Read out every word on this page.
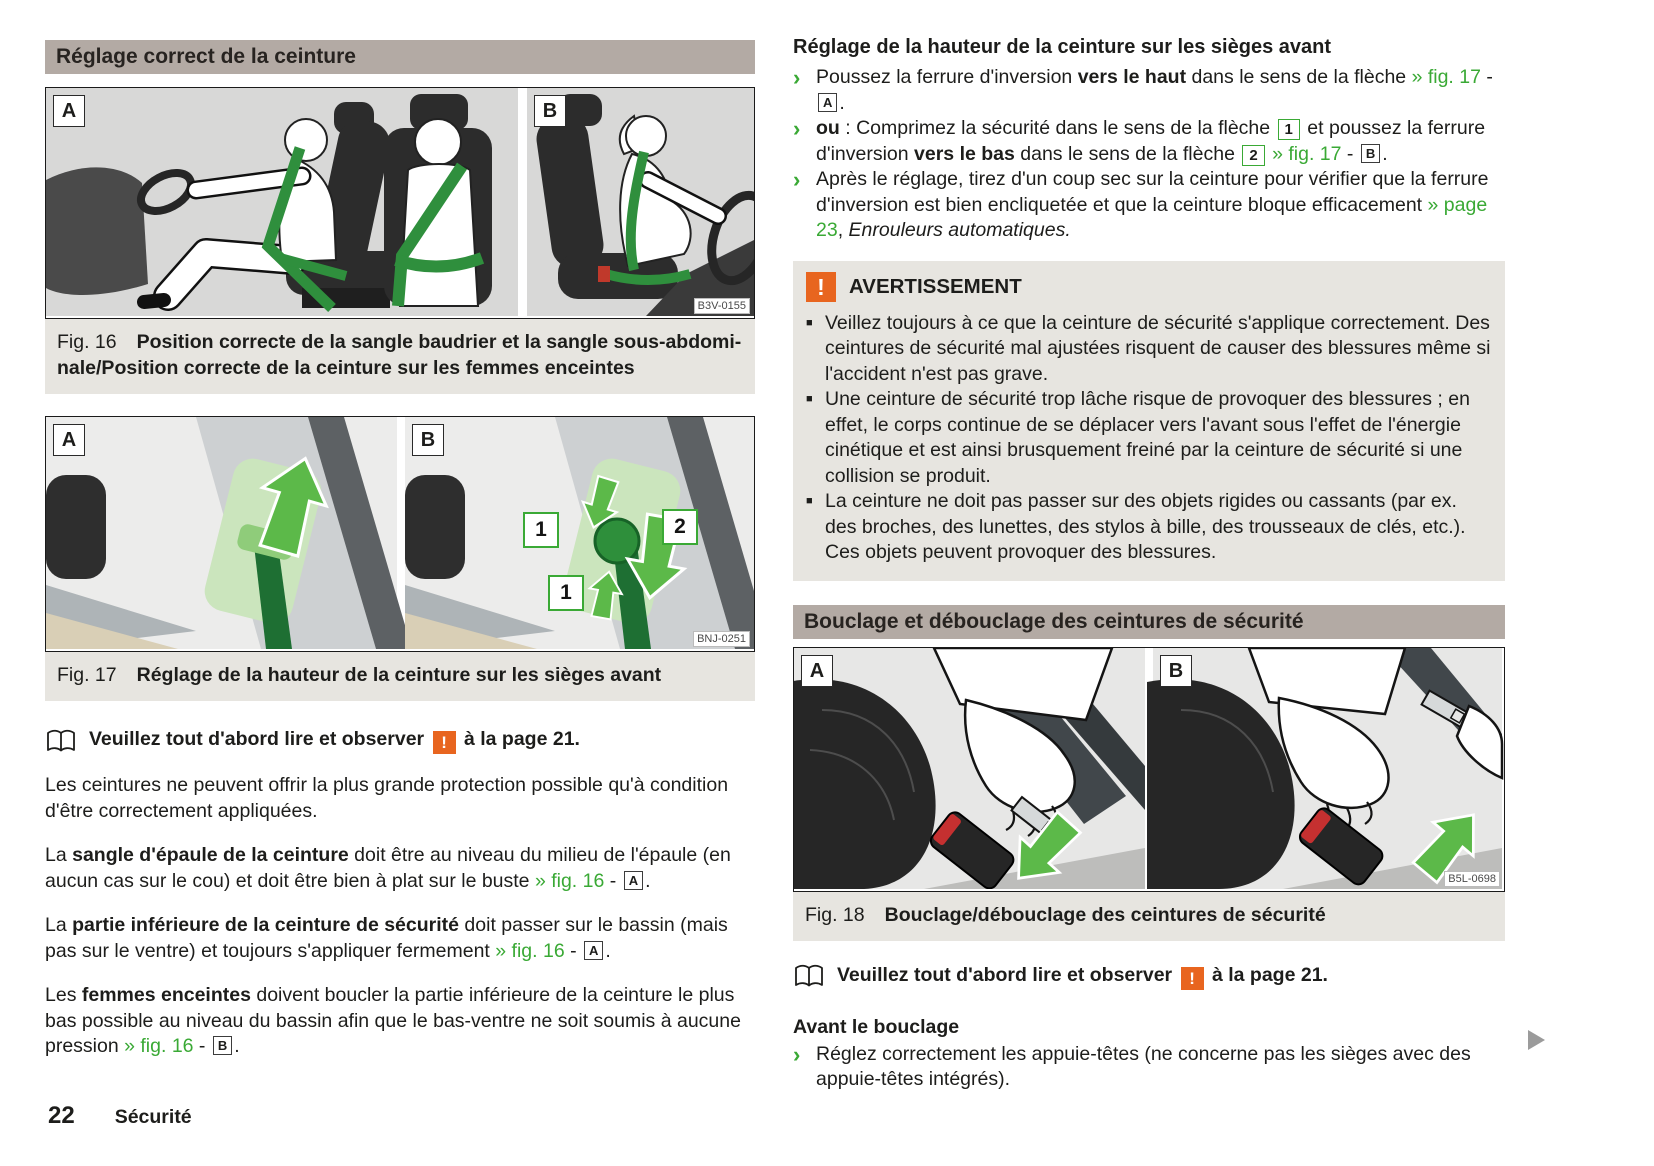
Réglage correct de la ceinture
A	B
B3V-0155
Fig. 16 Position correcte de la sangle baudrier et la sangle sous-abdominale/Position correcte de la ceinture sur les femmes enceintes
A	B
1	2
1
BNJ-0251
Fig. 17 Réglage de la hauteur de la ceinture sur les sièges avant
Veuillez tout d'abord lire et observer ! à la page 21.

Les ceintures ne peuvent offrir la plus grande protection possible qu'à condition d'être correctement appliquées.

La sangle d'épaule de la ceinture doit être au niveau du milieu de l'épaule (en aucun cas sur le cou) et doit être bien à plat sur le buste » fig. 16 - A .

La partie inférieure de la ceinture de sécurité doit passer sur le bassin (mais pas sur le ventre) et toujours s'appliquer fermement » fig. 16 - A .

Les femmes enceintes doivent boucler la partie inférieure de la ceinture le plus bas possible au niveau du bassin afin que le bas-ventre ne soit soumis à aucune pression » fig. 16 - B .

Réglage de la hauteur de la ceinture sur les sièges avant
› Poussez la ferrure d'inversion vers le haut dans le sens de la flèche » fig. 17 - A .
› ou : Comprimez la sécurité dans le sens de la flèche 1 et poussez la ferrure d'inversion vers le bas dans le sens de la flèche 2 » fig. 17 - B .
› Après le réglage, tirez d'un coup sec sur la ceinture pour vérifier que la ferrure d'inversion est bien encliquetée et que la ceinture bloque efficacement » page 23, Enrouleurs automatiques.
!	AVERTISSEMENT
■ Veillez toujours à ce que la ceinture de sécurité s'applique correctement. Des ceintures de sécurité mal ajustées risquent de causer des blessures même si l'accident n'est pas grave.
■ Une ceinture de sécurité trop lâche risque de provoquer des blessures ; en effet, le corps continue de se déplacer vers l'avant sous l'effet de l'énergie cinétique et est ainsi brusquement freiné par la ceinture de sécurité si une collision se produit.
■ La ceinture ne doit pas passer sur des objets rigides ou cassants (par ex. des broches, des lunettes, des stylos à bille, des trousseaux de clés, etc.). Ces objets peuvent provoquer des blessures.
Bouclage et débouclage des ceintures de sécurité
A	B
B5L-0698
Fig. 18 Bouclage/débouclage des ceintures de sécurité
Veuillez tout d'abord lire et observer ! à la page 21.
Avant le bouclage
› Réglez correctement les appuie-têtes (ne concerne pas les sièges avec des appuie-têtes intégrés).
22 Sécurité
